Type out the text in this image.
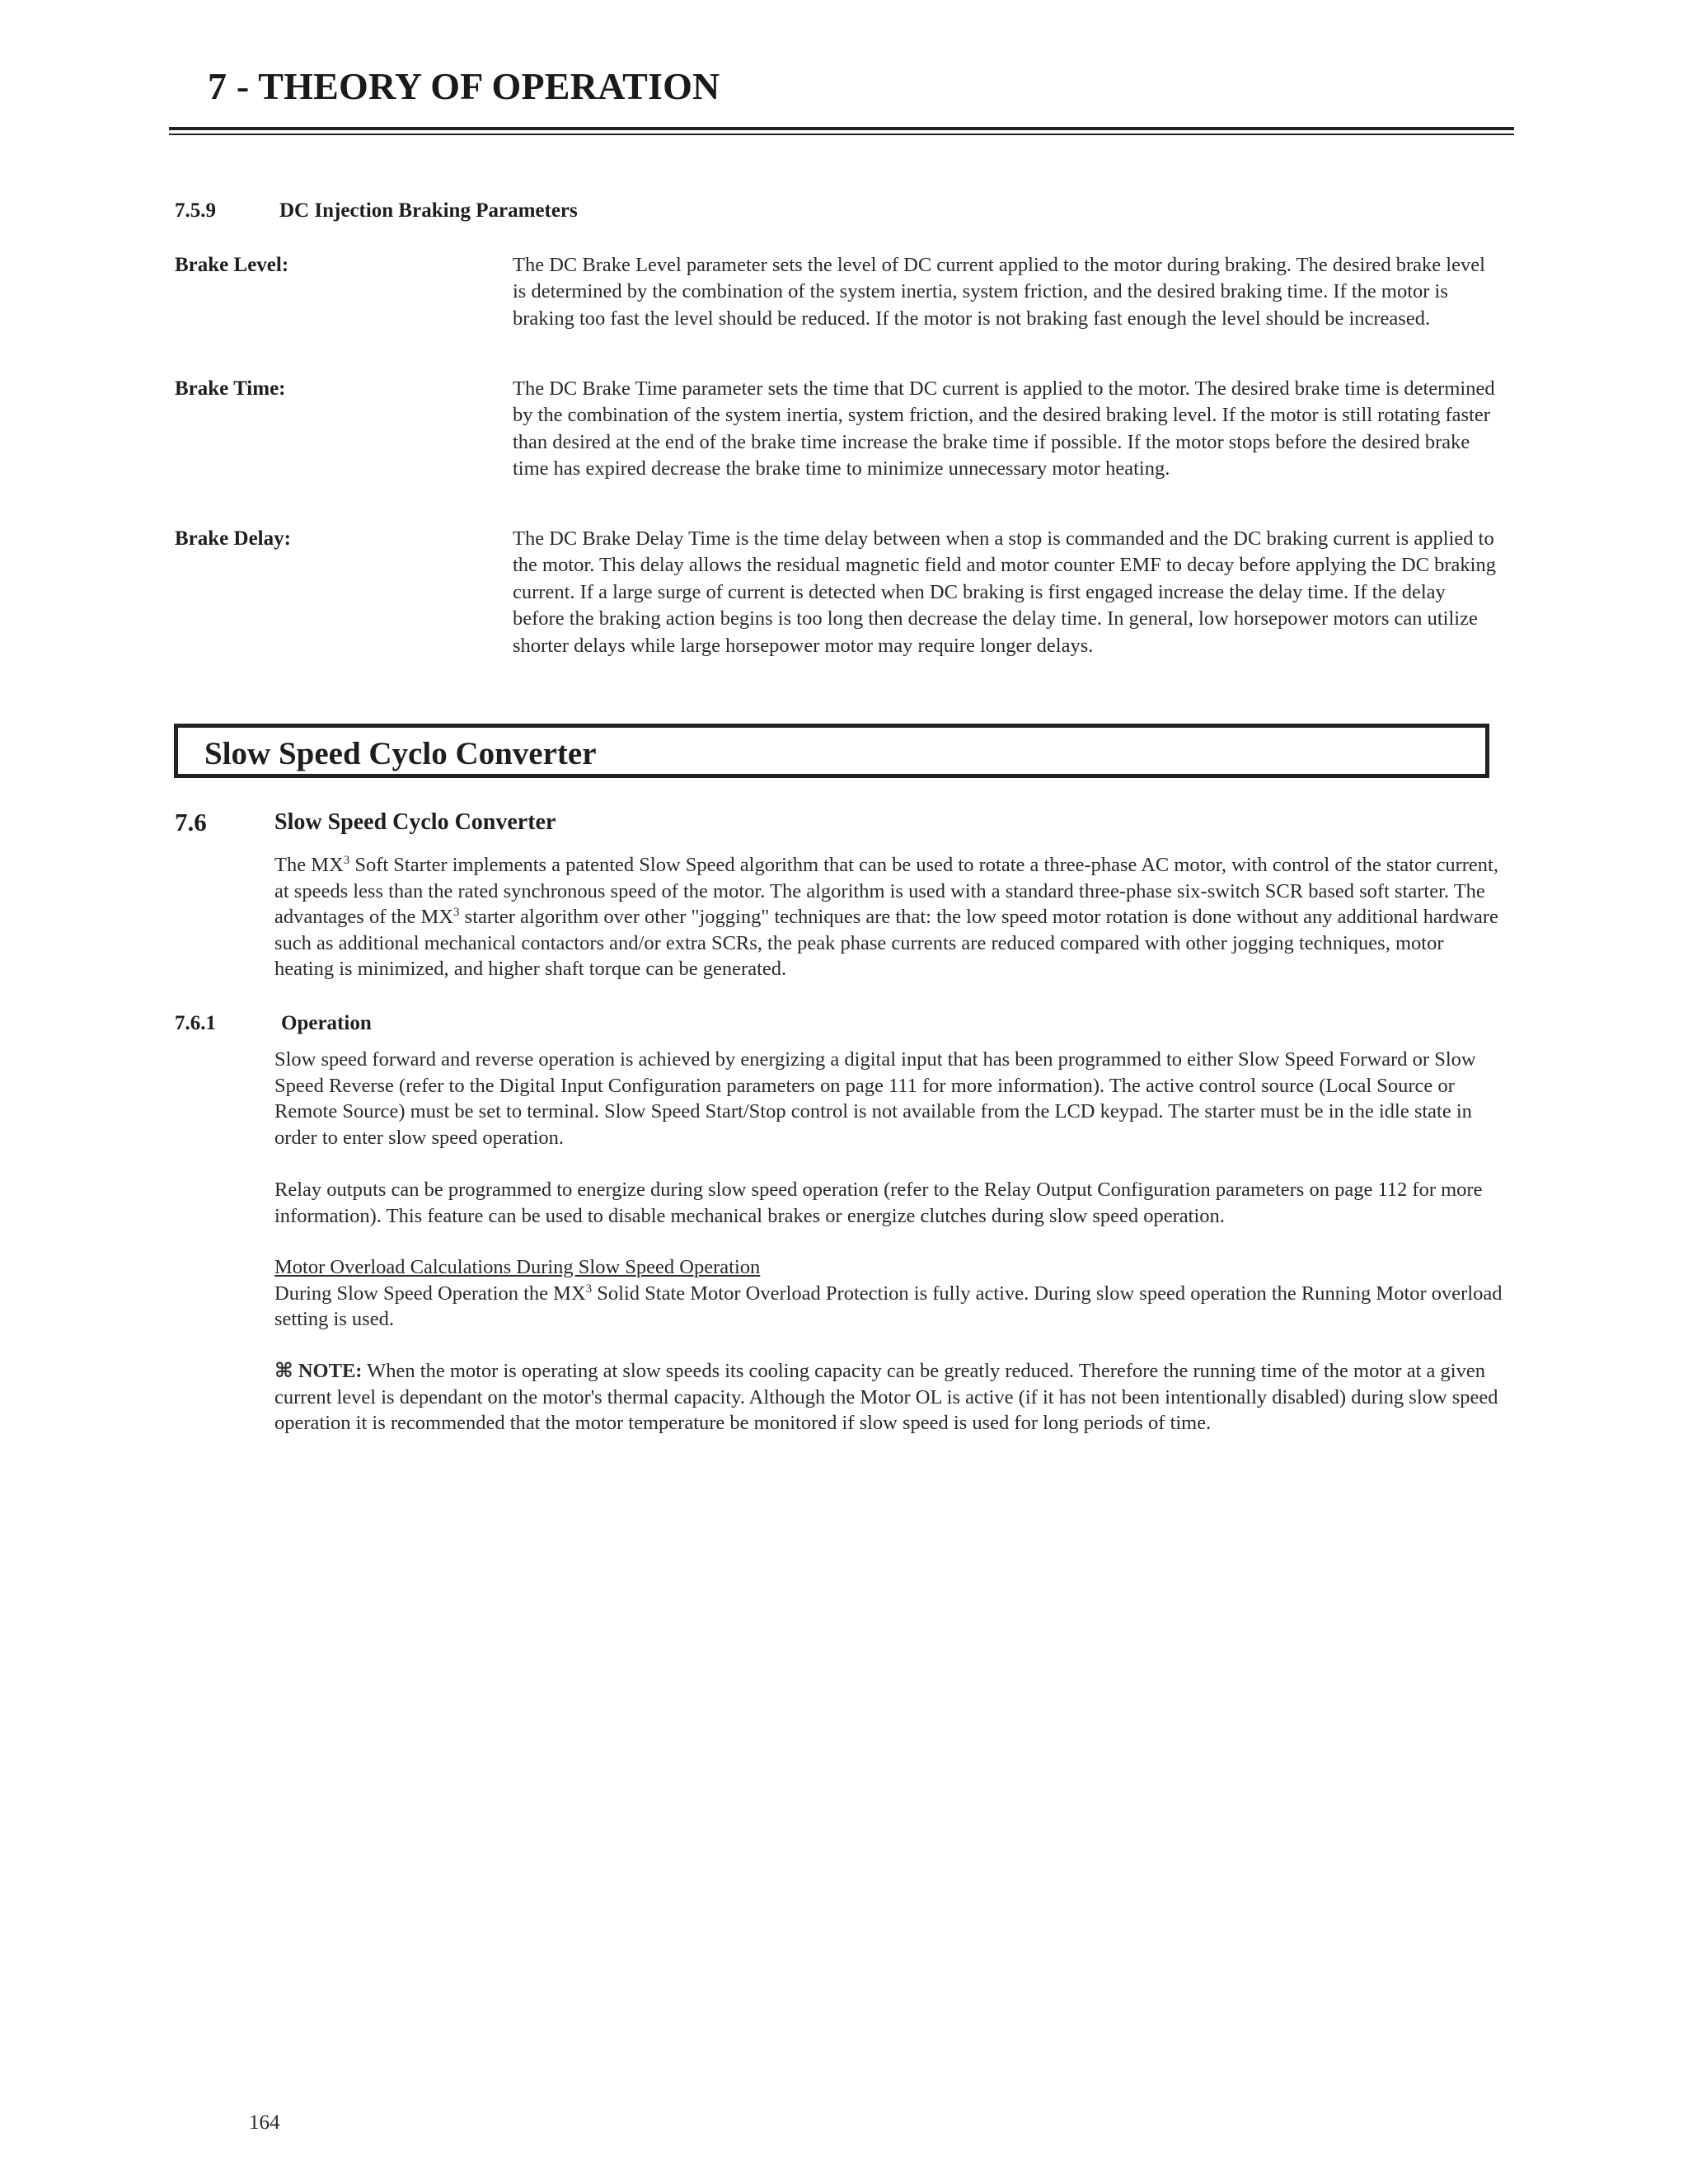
7 - THEORY OF OPERATION
7.5.9	DC Injection Braking Parameters
Brake Level:	The DC Brake Level parameter sets the level of DC current applied to the motor during braking. The desired brake level is determined by the combination of the system inertia, system friction, and the desired braking time. If the motor is braking too fast the level should be reduced. If the motor is not braking fast enough the level should be increased.

Brake Time:	The DC Brake Time parameter sets the time that DC current is applied to the motor. The desired brake time is determined by the combination of the system inertia, system friction, and the desired braking level. If the motor is still rotating faster than desired at the end of the brake time increase the brake time if possible. If the motor stops before the desired brake time has expired decrease the brake time to minimize unnecessary motor heating.

Brake Delay:	The DC Brake Delay Time is the time delay between when a stop is commanded and the DC braking current is applied to the motor. This delay allows the residual magnetic field and motor counter EMF to decay before applying the DC braking current. If a large surge of current is detected when DC braking is first engaged increase the delay time. If the delay before the braking action begins is too long then decrease the delay time. In general, low horsepower motors can utilize shorter delays while large horsepower motor may require longer delays.

Slow Speed Cyclo Converter
7.6	Slow Speed Cyclo Converter

The $MX^3$ Soft Starter implements a patented Slow Speed algorithm that can be used to rotate a three-phase AC motor, with control of the stator current, at speeds less than the rated synchronous speed of the motor. The algorithm is used with a standard three-phase six-switch SCR based soft starter. The advantages of the $MX^3$ starter algorithm over other "jogging" techniques are that: the low speed motor rotation is done without any additional hardware such as additional mechanical contactors and/or extra SCRs, the peak phase currents are reduced compared with other jogging techniques, motor heating is minimized, and higher shaft torque can be generated.

7.6.1	Operation

Slow speed forward and reverse operation is achieved by energizing a digital input that has been programmed to either Slow Speed Forward or Slow Speed Reverse (refer to the Digital Input Configuration parameters on page 111 for more information). The active control source (Local Source or Remote Source) must be set to terminal. Slow Speed Start/Stop control is not available from the LCD keypad. The starter must be in the idle state in order to enter slow speed operation.

Relay outputs can be programmed to energize during slow speed operation (refer to the Relay Output Configuration parameters on page 112 for more information). This feature can be used to disable mechanical brakes or energize clutches during slow speed operation.

Motor Overload Calculations During Slow Speed Operation
During Slow Speed Operation the $MX^3$ Solid State Motor Overload Protection is fully active. During slow speed operation the Running Motor overload setting is used.

⌘ NOTE: When the motor is operating at slow speeds its cooling capacity can be greatly reduced. Therefore the running time of the motor at a given current level is dependant on the motor's thermal capacity. Although the Motor OL is active (if it has not been intentionally disabled) during slow speed operation it is recommended that the motor temperature be monitored if slow speed is used for long periods of time.

164
